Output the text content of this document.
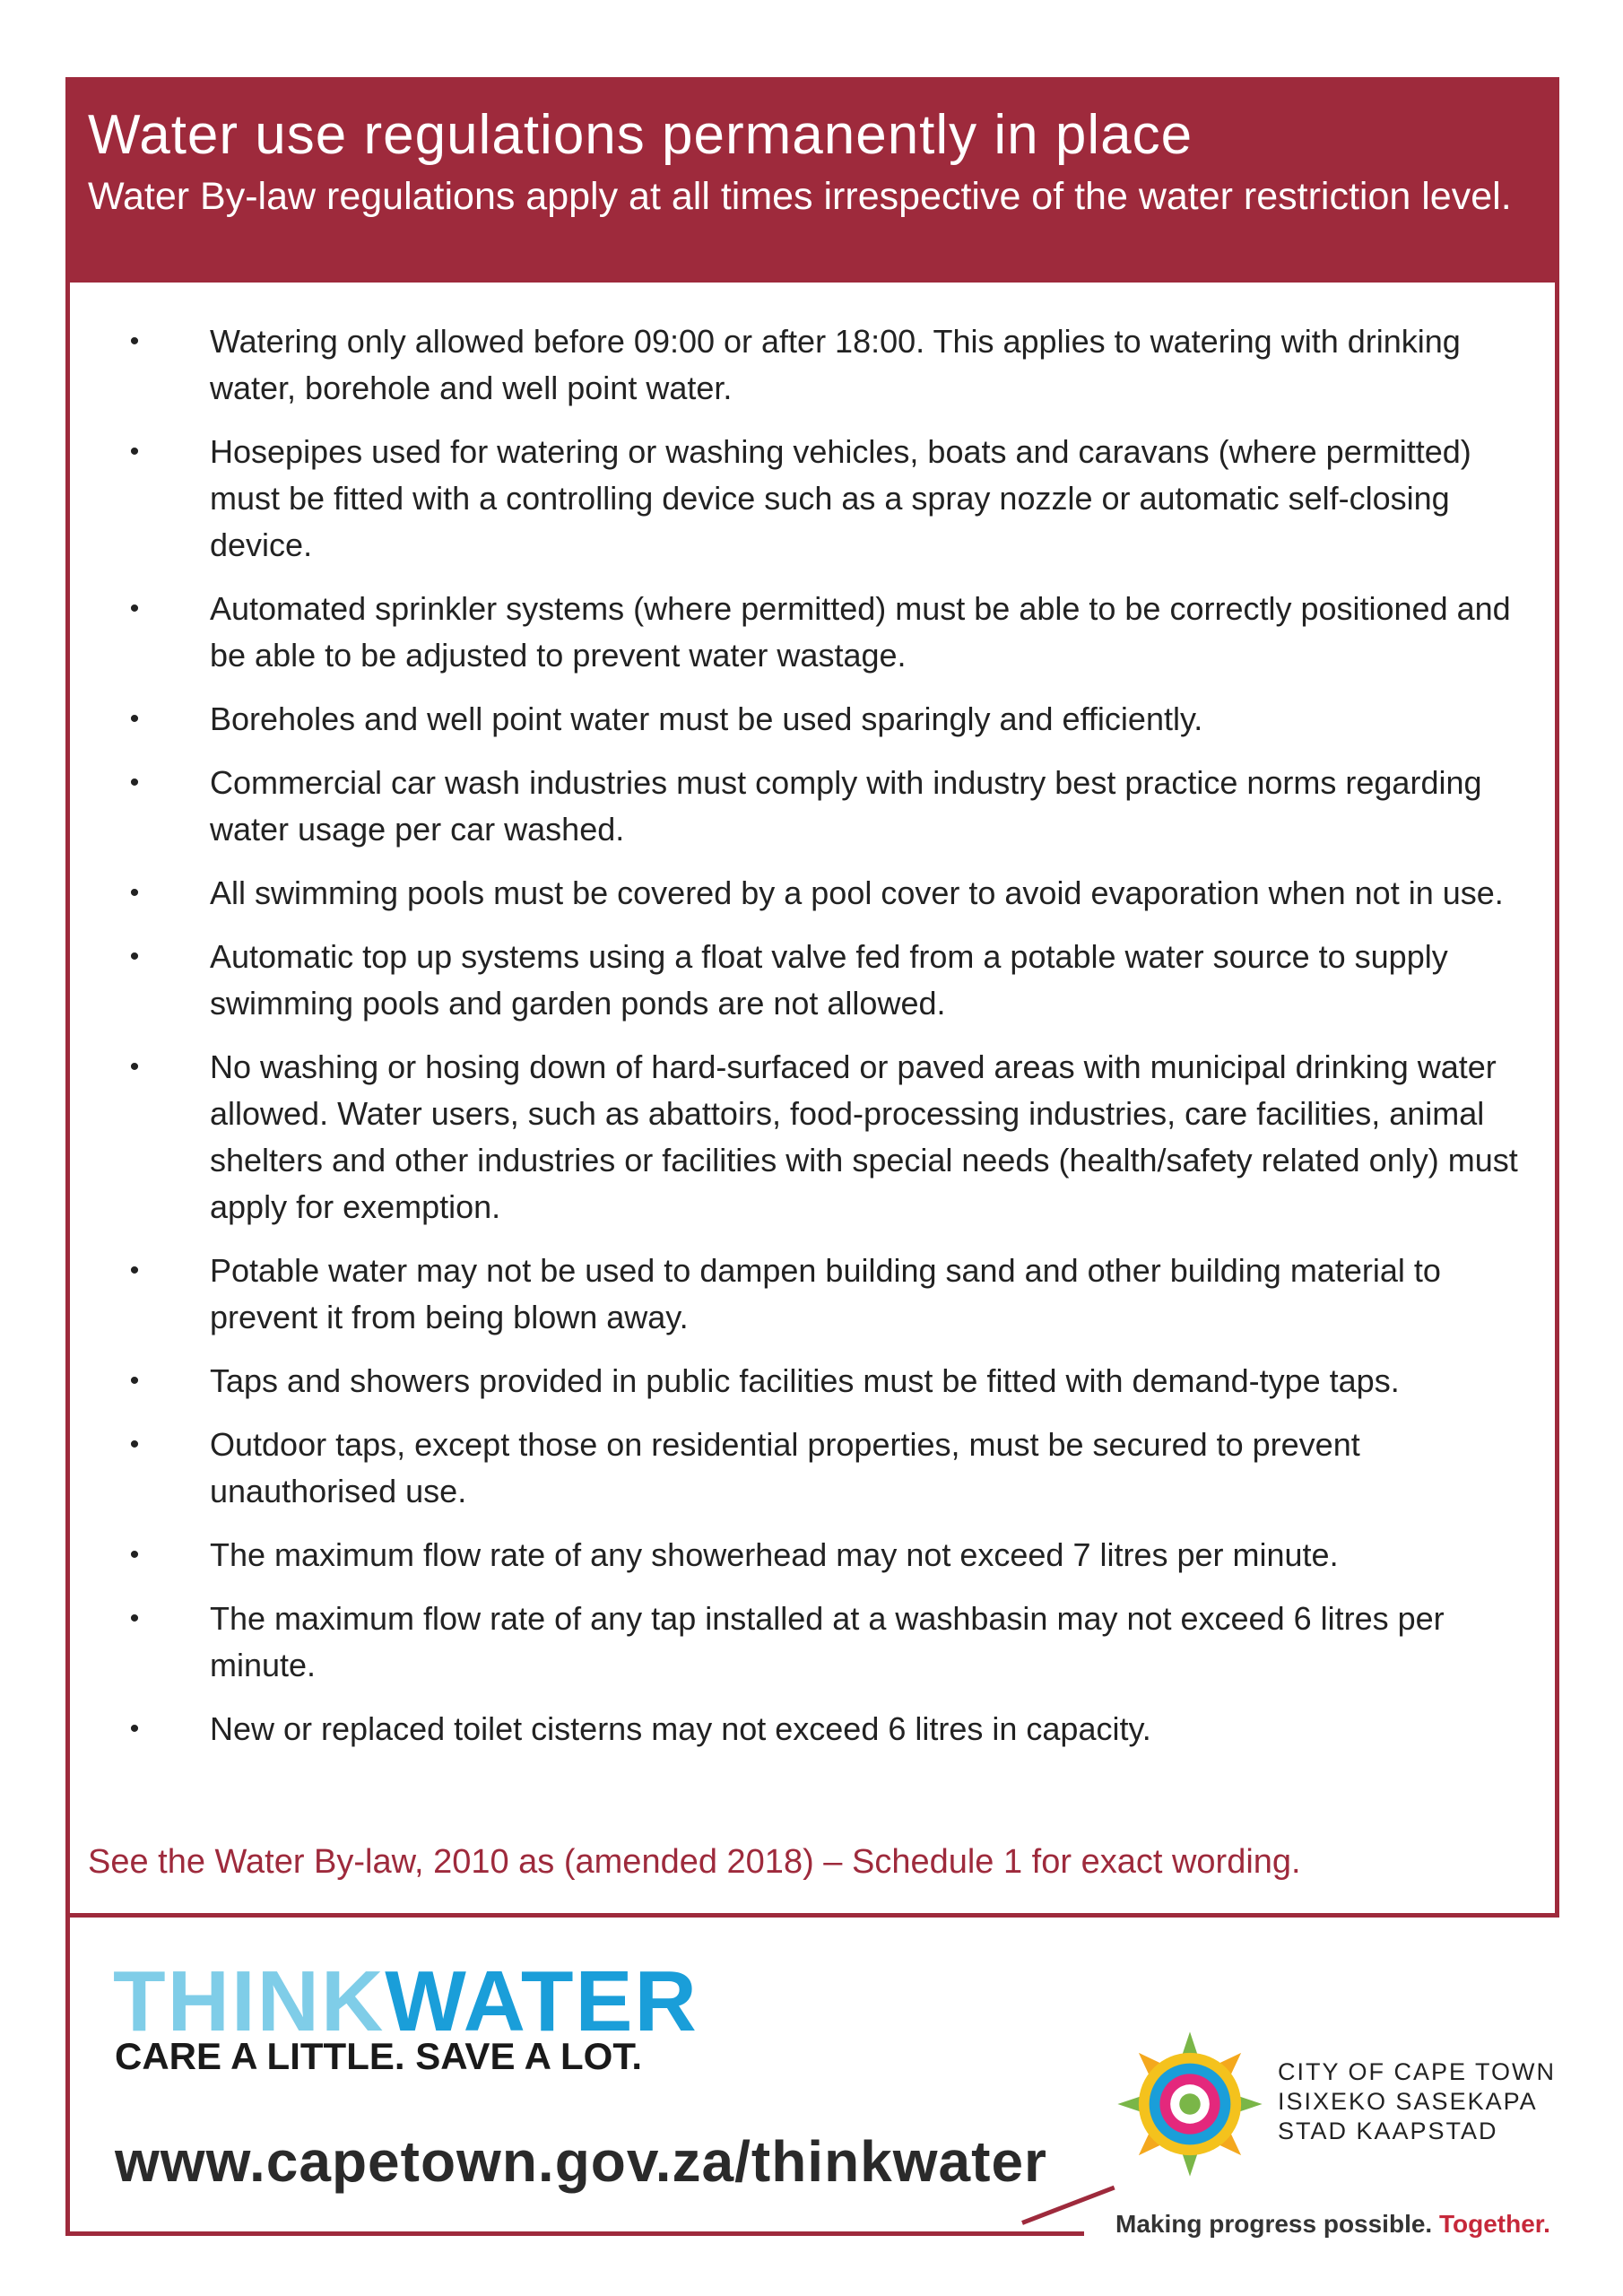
Water use regulations permanently in place

Water By-law regulations apply at all times irrespective of the water restriction level.

•	Watering only allowed before 09:00 or after 18:00. This applies to watering with drinking water, borehole and well point water.
•	Hosepipes used for watering or washing vehicles, boats and caravans (where permitted) must be fitted with a controlling device such as a spray nozzle or automatic self-closing device.
•	Automated sprinkler systems (where permitted) must be able to be correctly positioned and be able to be adjusted to prevent water wastage.
•	Boreholes and well point water must be used sparingly and efficiently.
•	Commercial car wash industries must comply with industry best practice norms regarding water usage per car washed.
•	All swimming pools must be covered by a pool cover to avoid evaporation when not in use.
•	Automatic top up systems using a float valve fed from a potable water source to supply swimming pools and garden ponds are not allowed.
•	No washing or hosing down of hard-surfaced or paved areas with municipal drinking water allowed. Water users, such as abattoirs, food-processing industries, care facilities, animal shelters and other industries or facilities with special needs (health/safety related only) must apply for exemption.
•	Potable water may not be used to dampen building sand and other building material to prevent it from being blown away.
•	Taps and showers provided in public facilities must be fitted with demand-type taps.
•	Outdoor taps, except those on residential properties, must be secured to prevent unauthorised use.
•	The maximum flow rate of any showerhead may not exceed 7 litres per minute.
•	The maximum flow rate of any tap installed at a washbasin may not exceed 6 litres per minute.
•	New or replaced toilet cisterns may not exceed 6 litres in capacity.

See the Water By-law, 2010 as (amended 2018) – Schedule 1 for exact wording.

THINKWATER

CARE A LITTLE. SAVE A LOT.

www.capetown.gov.za/thinkwater

CITY OF CAPE TOWN
ISIXEKO SASEKAPA
STAD KAAPSTAD

Making progress possible. Together.
